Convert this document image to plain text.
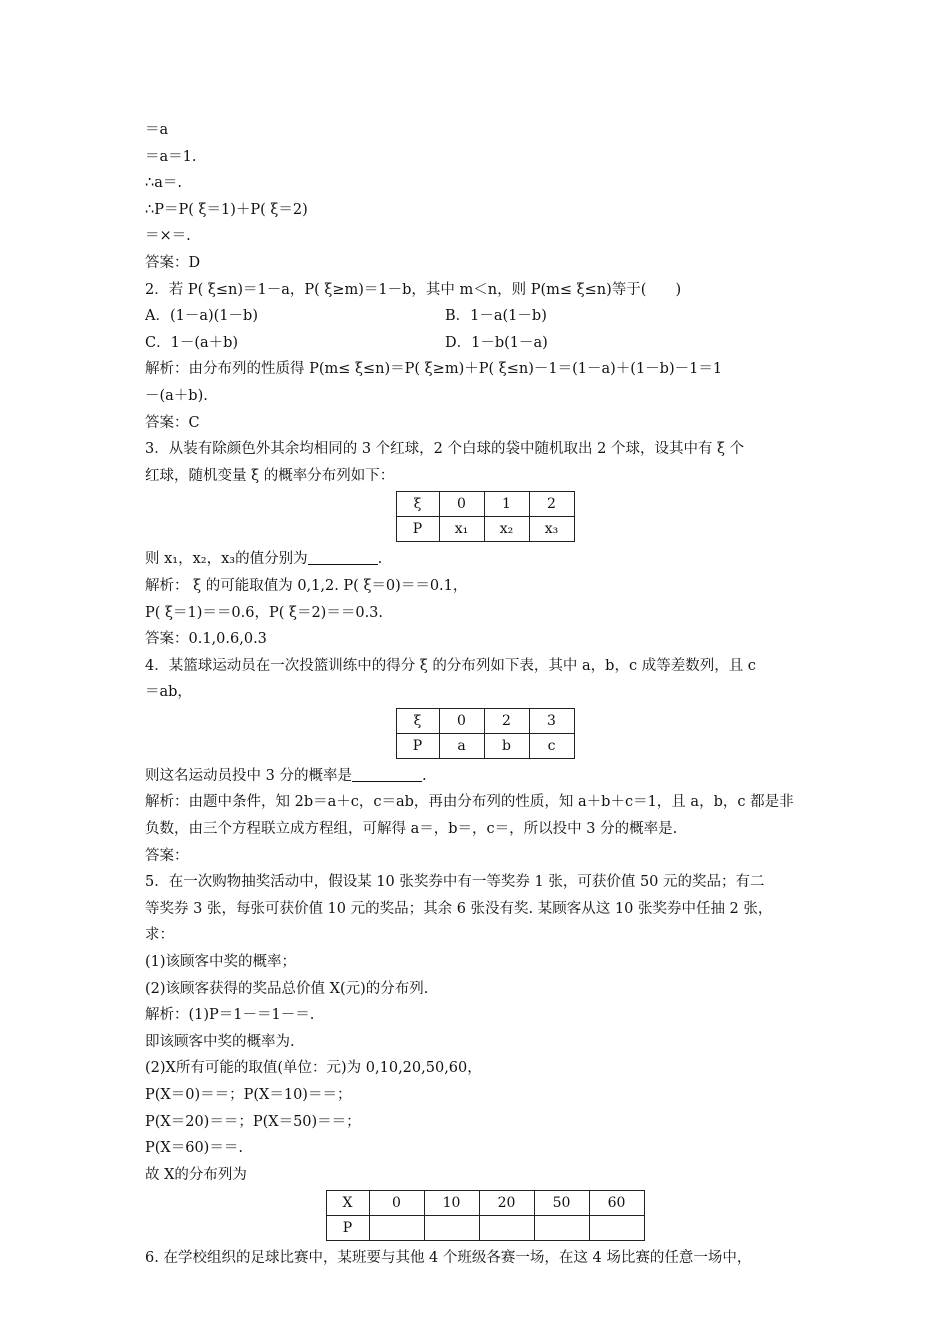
＝a
＝a＝1.
∴a＝.
∴P＝P( ξ＝1)＋P( ξ＝2)
＝×＝.
答案：D
2．若 P( ξ≤n)＝1－a，P( ξ≥m)＝1－b，其中 m＜n，则 P(m≤ ξ≤n)等于(　　)
A．(1－a)(1－b)	B．1－a(1－b)
C．1－(a＋b)	D．1－b(1－a)
解析：由分布列的性质得 P(m≤ ξ≤n)＝P( ξ≥m)＋P( ξ≤n)－1＝(1－a)＋(1－b)－1＝1
－(a＋b).
答案：C
3．从装有除颜色外其余均相同的 3 个红球，2 个白球的袋中随机取出 2 个球，设其中有 ξ 个
红球，随机变量 ξ 的概率分布列如下：
ξ	0	1	2
P	x₁	x₂	x₃
则 x₁，x₂，x₃的值分别为	.
解析： ξ 的可能取值为 0,1,2. P( ξ＝0)＝＝0.1，
P( ξ＝1)＝＝0.6，P( ξ＝2)＝＝0.3.
答案：0.1,0.6,0.3
4．某篮球运动员在一次投篮训练中的得分 ξ 的分布列如下表，其中 a，b，c 成等差数列，且 c
＝ab，
ξ	0	2	3
P	a	b	c
则这名运动员投中 3 分的概率是	.
解析：由题中条件，知 2b＝a＋c，c＝ab，再由分布列的性质，知 a＋b＋c＝1，且 a，b，c 都是非
负数，由三个方程联立成方程组，可解得 a＝，b＝，c＝，所以投中 3 分的概率是.
答案：
5．在一次购物抽奖活动中，假设某 10 张奖券中有一等奖券 1 张，可获价值 50 元的奖品；有二
等奖券 3 张，每张可获价值 10 元的奖品；其余 6 张没有奖. 某顾客从这 10 张奖券中任抽 2 张，
求：
(1)该顾客中奖的概率；
(2)该顾客获得的奖品总价值 X(元)的分布列.
解析：(1)P＝1－＝1－＝.
即该顾客中奖的概率为.
(2)X所有可能的取值(单位：元)为 0,10,20,50,60，
P(X＝0)＝＝；P(X＝10)＝＝；
P(X＝20)＝＝；P(X＝50)＝＝；
P(X＝60)＝＝.
故 X的分布列为
X	0	10	20	50	60
P					
6. 在学校组织的足球比赛中，某班要与其他 4 个班级各赛一场，在这 4 场比赛的任意一场中，
